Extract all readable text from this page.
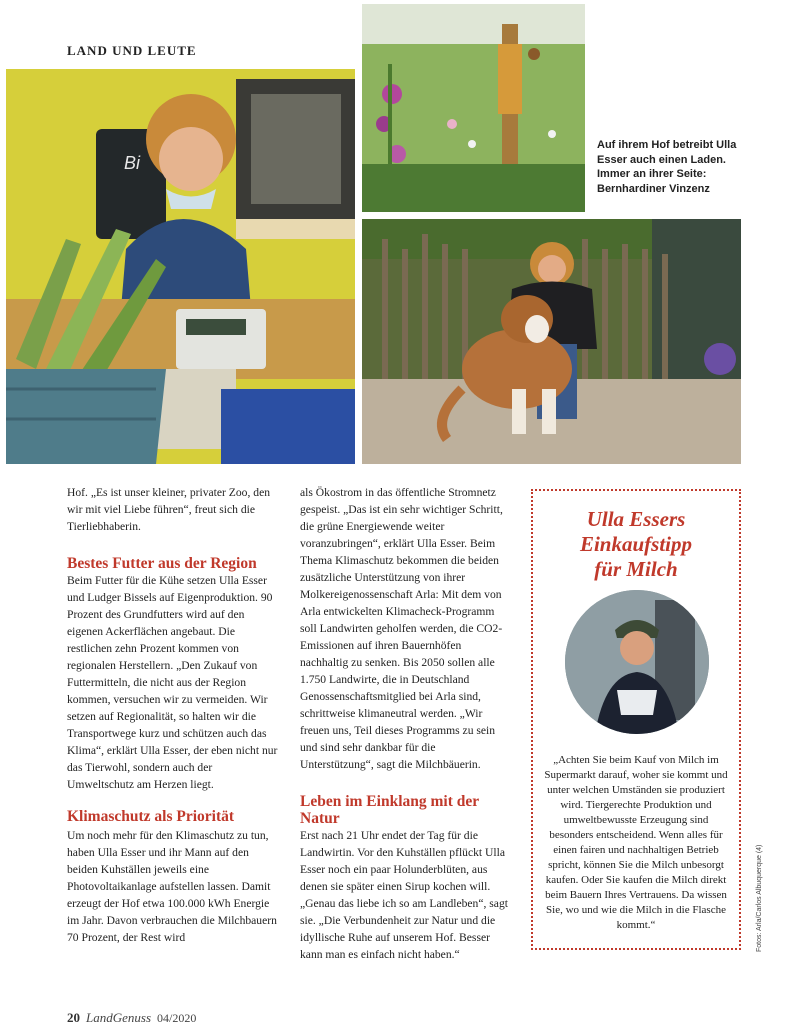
LAND UND LEUTE
Bi
Auf ihrem Hof betreibt Ulla Esser auch einen Laden. Immer an ihrer Seite: Bernhardiner Vinzenz

Hof. „Es ist unser kleiner, privater Zoo, den wir mit viel Liebe führen“, freut sich die Tierliebhaberin.

Bestes Futter aus der Region

Beim Futter für die Kühe setzen Ulla Esser und Ludger Bissels auf Eigenproduktion. 90 Prozent des Grundfutters wird auf den eigenen Ackerflächen angebaut. Die restlichen zehn Prozent kommen von regionalen Herstellern. „Den Zukauf von Futtermitteln, die nicht aus der Region kommen, versuchen wir zu vermeiden. Wir setzen auf Regionalität, so halten wir die Transportwege kurz und schützen auch das Klima“, erklärt Ulla Esser, der eben nicht nur das Tierwohl, sondern auch der Umweltschutz am Herzen liegt.

Klimaschutz als Priorität

Um noch mehr für den Klimaschutz zu tun, haben Ulla Esser und ihr Mann auf den beiden Kuhställen jeweils eine Photovoltaikanlage aufstellen lassen. Damit erzeugt der Hof etwa 100.000 kWh Energie im Jahr. Davon verbrauchen die Milchbauern 70 Prozent, der Rest wird

als Ökostrom in das öffentliche Stromnetz gespeist. „Das ist ein sehr wichtiger Schritt, die grüne Energiewende weiter voranzubringen“, erklärt Ulla Esser. Beim Thema Klimaschutz bekommen die beiden zusätzliche Unterstützung von ihrer Molkereigenossenschaft Arla: Mit dem von Arla entwickelten Klimacheck-Programm soll Landwirten geholfen werden, die CO2-Emissionen auf ihren Bauernhöfen nachhaltig zu senken. Bis 2050 sollen alle 1.750 Landwirte, die in Deutschland Genossenschaftsmitglied bei Arla sind, schrittweise klimaneutral werden. „Wir freuen uns, Teil dieses Programms zu sein und sind sehr dankbar für die Unterstützung“, sagt die Milchbäuerin.

Leben im Einklang mit der Natur

Erst nach 21 Uhr endet der Tag für die Landwirtin. Vor den Kuhställen pflückt Ulla Esser noch ein paar Holunderblüten, aus denen sie später einen Sirup kochen will. „Genau das liebe ich so am Landleben“, sagt sie. „Die Verbundenheit zur Natur und die idyllische Ruhe auf unserem Hof. Besser kann man es einfach nicht haben.“

Ulla Essers
Einkaufstipp
für Milch
„Achten Sie beim Kauf von Milch im Supermarkt darauf, woher sie kommt und unter welchen Umständen sie produziert wird. Tiergerechte Produktion und umweltbewusste Erzeugung sind besonders entscheidend. Wenn alles für einen fairen und nachhaltigen Betrieb spricht, können Sie die Milch unbesorgt kaufen. Oder Sie kaufen die Milch direkt beim Bauern Ihres Vertrauens. Da wissen Sie, wo und wie die Milch in die Flasche kommt.“	Fotos: Arla/Carlos Albuquerque (4)
20 LandGenuss 04/2020
